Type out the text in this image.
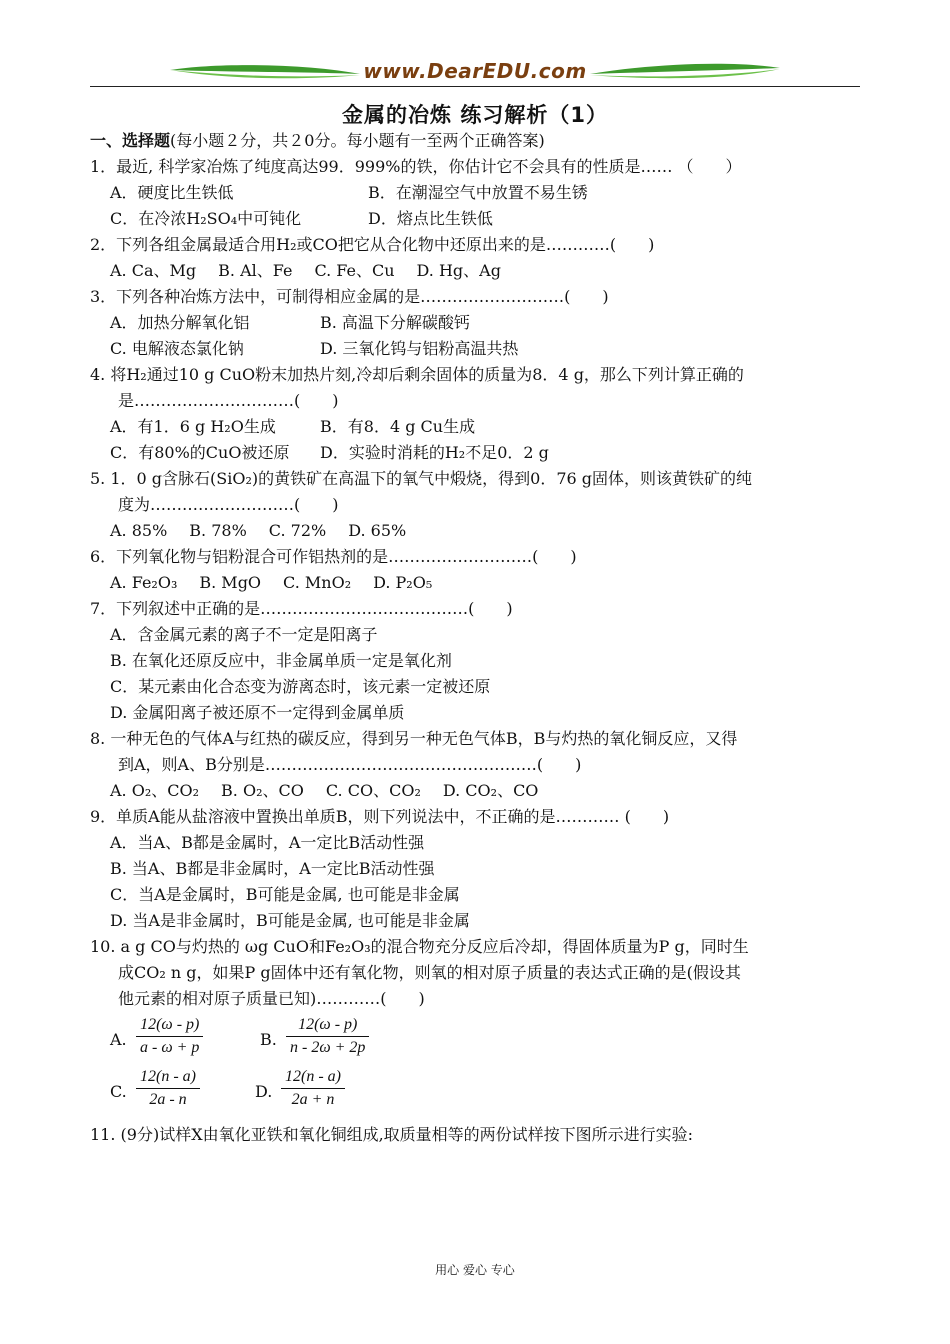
www.DearEDU.com
金属的冶炼 练习解析（1）
一、选择题(每小题２分，共２0分。每小题有一至两个正确答案)
1．最近, 科学家冶炼了纯度高达99．999%的铁，你估计它不会具有的性质是…… （　　）
A．硬度比生铁低	B．在潮湿空气中放置不易生锈
C．在冷浓H₂SO₄中可钝化	D．熔点比生铁低
2．下列各组金属最适合用H₂或CO把它从合化物中还原出来的是…………(　　)
A. Ca、Mg B. Al、Fe C. Fe、Cu D. Hg、Ag
3．下列各种冶炼方法中，可制得相应金属的是………………………(　　)
A．加热分解氧化铝	B. 高温下分解碳酸钙
C. 电解液态氯化钠	D. 三氧化钨与铝粉高温共热
4. 将H₂通过10 g CuO粉末加热片刻,冷却后剩余固体的质量为8．4 g，那么下列计算正确的
是…………………………(　　)
A．有1．6 g H₂O生成	B．有8．4 g Cu生成
C．有80%的CuO被还原 D．实验时消耗的H₂不足0．2 g
5. 1．0 g含脉石(SiO₂)的黄铁矿在高温下的氧气中煅烧，得到0．76 g固体，则该黄铁矿的纯
度为………………………(　　)
A. 85% B. 78% C. 72% D. 65%
6．下列氧化物与铝粉混合可作铝热剂的是………………………(　　)
A. Fe₂O₃ B. MgO C. MnO₂ D. P₂O₅
7．下列叙述中正确的是…………………………………(　　)
A．含金属元素的离子不一定是阳离子
B. 在氧化还原反应中，非金属单质一定是氧化剂
C．某元素由化合态变为游离态时，该元素一定被还原
D. 金属阳离子被还原不一定得到金属单质
8. 一种无色的气体A与红热的碳反应，得到另一种无色气体B，B与灼热的氧化铜反应，又得
到A，则A、B分别是……………………………………………(　　)
A. O₂、CO₂ B. O₂、CO C. CO、CO₂ D. CO₂、CO
9．单质A能从盐溶液中置换出单质B，则下列说法中，不正确的是………… (　　)
A．当A、B都是金属时，A一定比B活动性强
B. 当A、B都是非金属时，A一定比B活动性强
C．当A是金属时，B可能是金属, 也可能是非金属
D. 当A是非金属时，B可能是金属, 也可能是非金属
10. a g CO与灼热的 ωg CuO和Fe₂O₃的混合物充分反应后冷却，得固体质量为P g，同时生
成CO₂ n g，如果P g固体中还有氧化物，则氧的相对原子质量的表达式正确的是(假设其
他元素的相对原子质量已知)…………(　　)
A.
12(ω - p)
a - ω + p	B.
12(ω - p)
n - 2ω + 2p
C.
12(n - a)
2a - n	D.
12(n - a)
2a + n
11. (9分)试样X由氧化亚铁和氧化铜组成,取质量相等的两份试样按下图所示进行实验:
用心 爱心 专心
